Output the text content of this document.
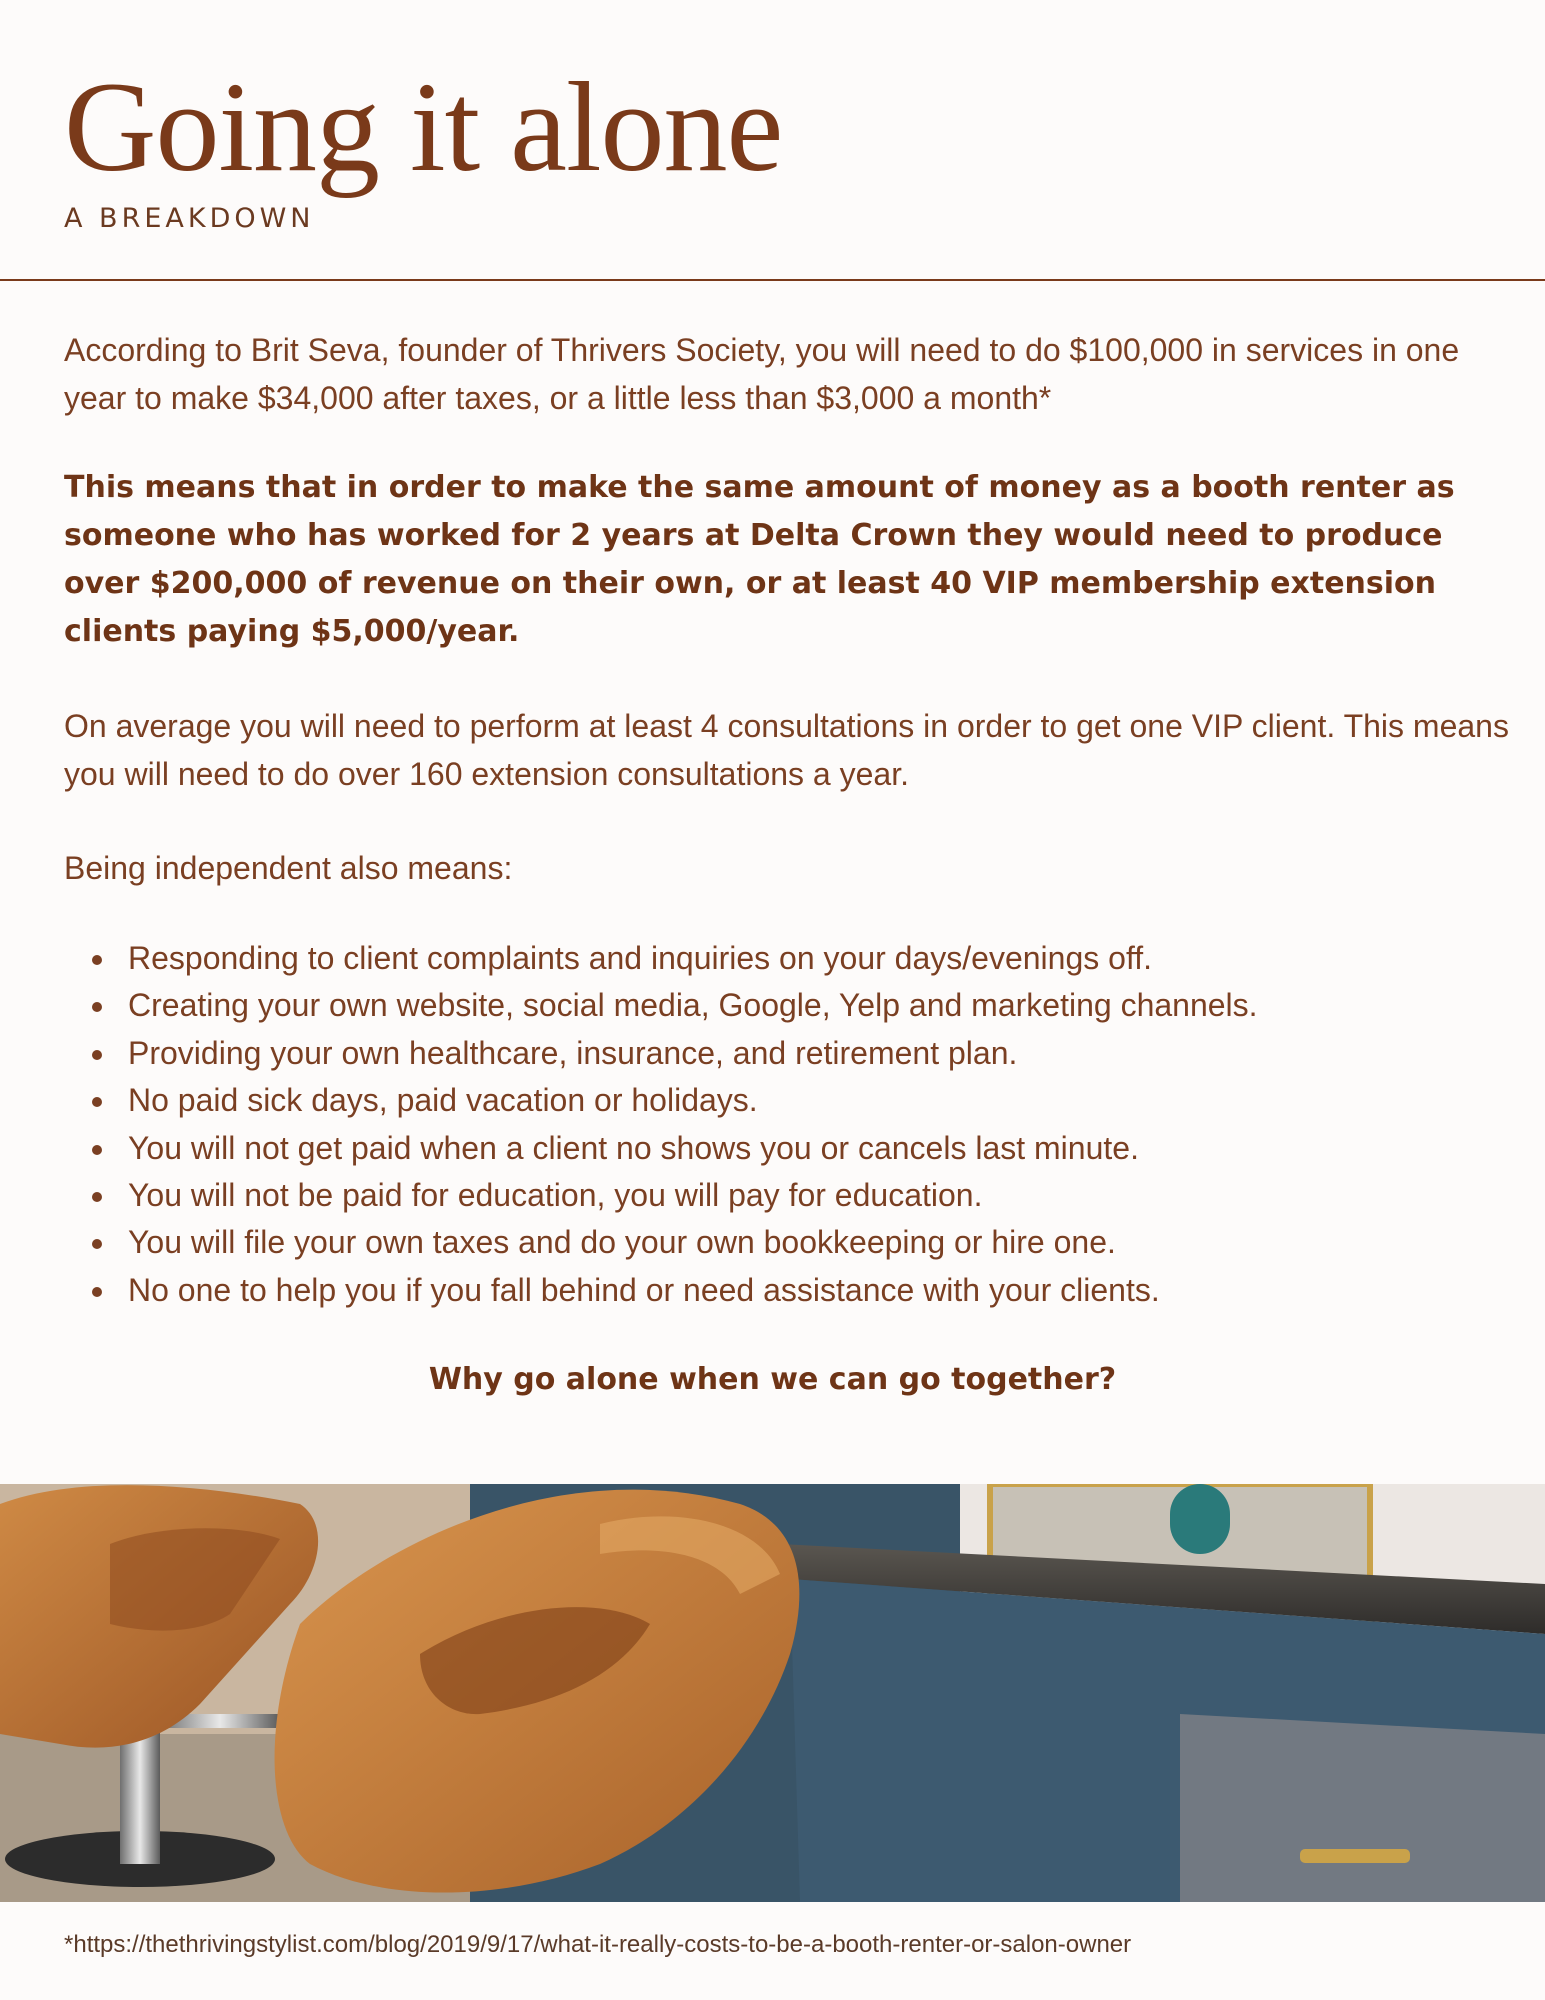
Going it alone
A BREAKDOWN

According to Brit Seva, founder of Thrivers Society, you will need to do $100,000 in services in one year to make $34,000 after taxes, or a little less than $3,000 a month*

This means that in order to make the same amount of money as a booth renter as someone who has worked for 2 years at Delta Crown they would need to produce over $200,000 of revenue on their own, or at least 40 VIP membership extension clients paying $5,000/year.

On average you will need to perform at least 4 consultations in order to get one VIP client. This means you will need to do over 160 extension consultations a year.

Being independent also means:

Responding to client complaints and inquiries on your days/evenings off.
Creating your own website, social media, Google, Yelp and marketing channels.
Providing your own healthcare, insurance, and retirement plan.
No paid sick days, paid vacation or holidays.
You will not get paid when a client no shows you or cancels last minute.
You will not be paid for education, you will pay for education.
You will file your own taxes and do your own bookkeeping or hire one.
No one to help you if you fall behind or need assistance with your clients.
Why go alone when we can go together?
*https://thethrivingstylist.com/blog/2019/9/17/what-it-really-costs-to-be-a-booth-renter-or-salon-owner
